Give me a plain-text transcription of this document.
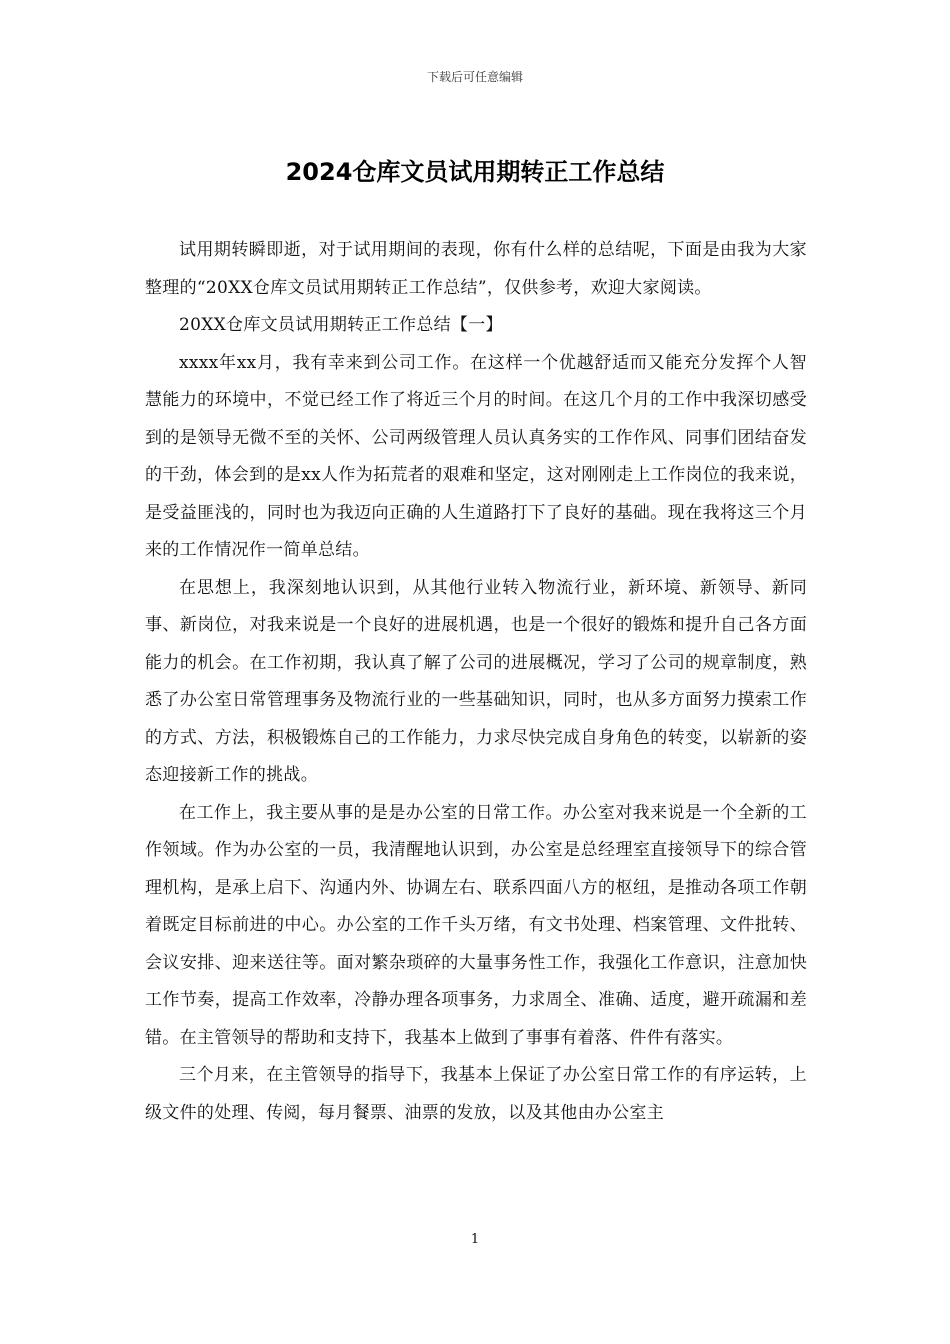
下载后可任意编辑
2024仓库文员试用期转正工作总结

试用期转瞬即逝，对于试用期间的表现，你有什么样的总结呢，下面是由我为大家整理的“20XX仓库文员试用期转正工作总结”，仅供参考，欢迎大家阅读。

20XX仓库文员试用期转正工作总结【一】

xxxx年xx月，我有幸来到公司工作。在这样一个优越舒适而又能充分发挥个人智慧能力的环境中，不觉已经工作了将近三个月的时间。在这几个月的工作中我深切感受到的是领导无微不至的关怀、公司两级管理人员认真务实的工作作风、同事们团结奋发的干劲，体会到的是xx人作为拓荒者的艰难和坚定，这对刚刚走上工作岗位的我来说，是受益匪浅的，同时也为我迈向正确的人生道路打下了良好的基础。现在我将这三个月来的工作情况作一简单总结。

在思想上，我深刻地认识到，从其他行业转入物流行业，新环境、新领导、新同事、新岗位，对我来说是一个良好的进展机遇，也是一个很好的锻炼和提升自己各方面能力的机会。在工作初期，我认真了解了公司的进展概况，学习了公司的规章制度，熟悉了办公室日常管理事务及物流行业的一些基础知识，同时，也从多方面努力摸索工作的方式、方法，积极锻炼自己的工作能力，力求尽快完成自身角色的转变，以崭新的姿态迎接新工作的挑战。

在工作上，我主要从事的是是办公室的日常工作。办公室对我来说是一个全新的工作领域。作为办公室的一员，我清醒地认识到，办公室是总经理室直接领导下的综合管理机构，是承上启下、沟通内外、协调左右、联系四面八方的枢纽，是推动各项工作朝着既定目标前进的中心。办公室的工作千头万绪，有文书处理、档案管理、文件批转、会议安排、迎来送往等。面对繁杂琐碎的大量事务性工作，我强化工作意识，注意加快工作节奏，提高工作效率，冷静办理各项事务，力求周全、准确、适度，避开疏漏和差错。在主管领导的帮助和支持下，我基本上做到了事事有着落、件件有落实。

三个月来，在主管领导的指导下，我基本上保证了办公室日常工作的有序运转，上级文件的处理、传阅，每月餐票、油票的发放，以及其他由办公室主

1
